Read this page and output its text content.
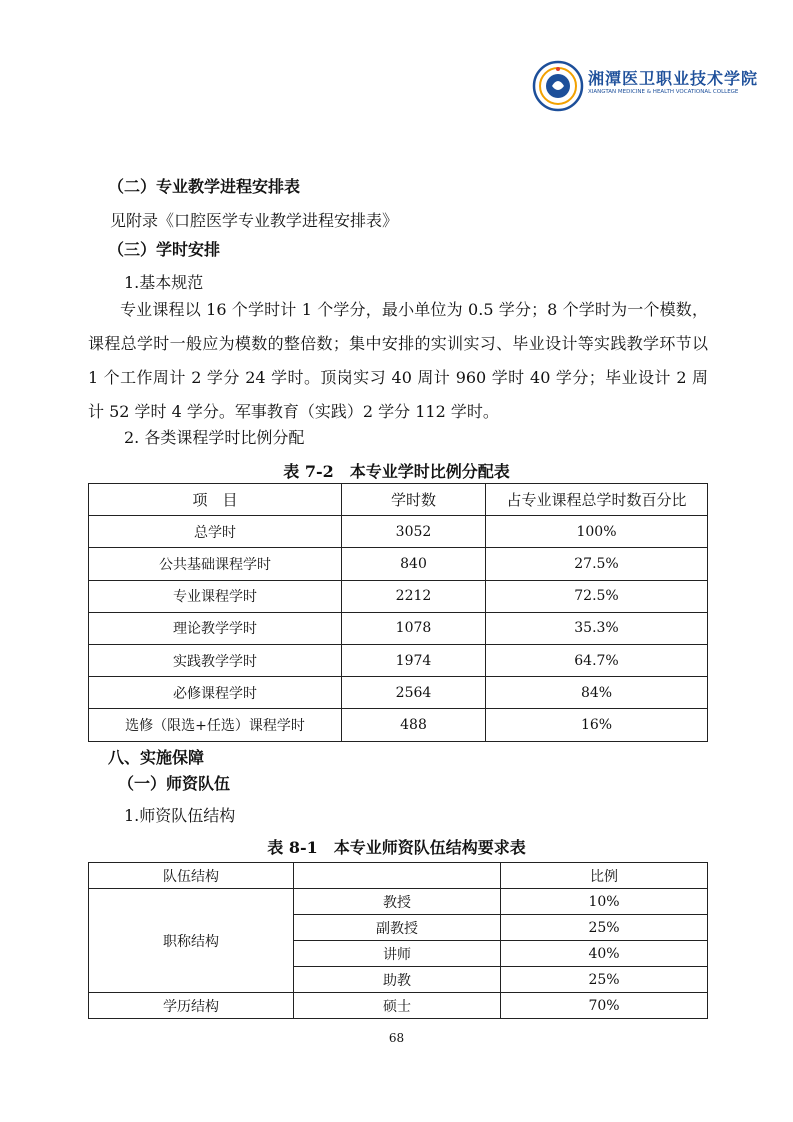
湘潭医卫职业技术学院
XIANGTAN MEDICINE & HEALTH VOCATIONAL COLLEGE
（二）专业教学进程安排表
见附录《口腔医学专业教学进程安排表》
（三）学时安排
1.基本规范
专业课程以 16 个学时计 1 个学分，最小单位为 0.5 学分；8 个学时为一个模数，课程总学时一般应为模数的整倍数；集中安排的实训实习、毕业设计等实践教学环节以 1 个工作周计 2 学分 24 学时。顶岗实习 40 周计 960 学时 40 学分；毕业设计 2 周计 52 学时 4 学分。军事教育（实践）2 学分 112 学时。
2. 各类课程学时比例分配
表 7-2　本专业学时比例分配表
项　目	学时数	占专业课程总学时数百分比
总学时	3052	100%
公共基础课程学时	840	27.5%
专业课程学时	2212	72.5%
理论教学学时	1078	35.3%
实践教学学时	1974	64.7%
必修课程学时	2564	84%
选修（限选+任选）课程学时	488	16%
八、实施保障
（一）师资队伍
1.师资队伍结构
表 8-1　本专业师资队伍结构要求表
队伍结构		比例
职称结构	教授	10%
	副教授	25%
	讲师	40%
	助教	25%
学历结构	硕士	70%
68
